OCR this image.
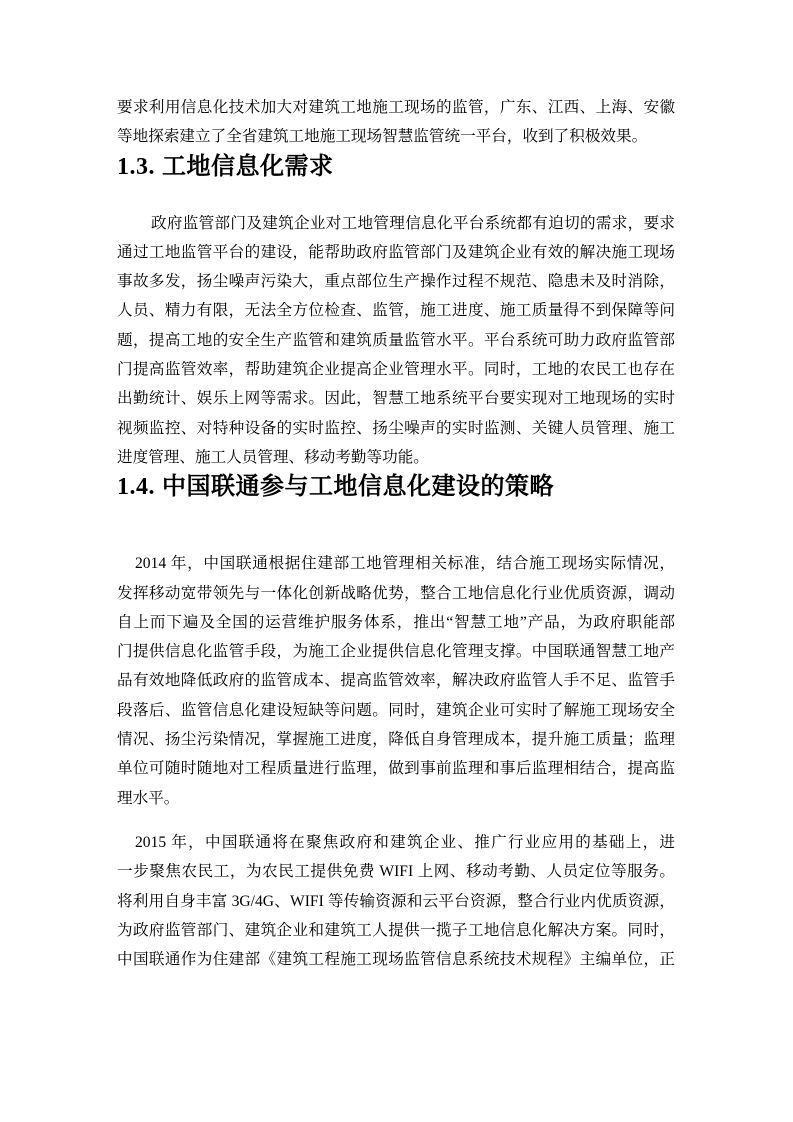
要求利用信息化技术加大对建筑工地施工现场的监管，广东、江西、上海、安徽
等地探索建立了全省建筑工地施工现场智慧监管统一平台，收到了积极效果。
1.3. 工地信息化需求
政府监管部门及建筑企业对工地管理信息化平台系统都有迫切的需求，要求
通过工地监管平台的建设，能帮助政府监管部门及建筑企业有效的解决施工现场
事故多发，扬尘噪声污染大，重点部位生产操作过程不规范、隐患未及时消除，
人员、精力有限，无法全方位检查、监管，施工进度、施工质量得不到保障等问
题，提高工地的安全生产监管和建筑质量监管水平。平台系统可助力政府监管部
门提高监管效率，帮助建筑企业提高企业管理水平。同时，工地的农民工也存在
出勤统计、娱乐上网等需求。因此，智慧工地系统平台要实现对工地现场的实时
视频监控、对特种设备的实时监控、扬尘噪声的实时监测、关键人员管理、施工
进度管理、施工人员管理、移动考勤等功能。
1.4. 中国联通参与工地信息化建设的策略
2014 年，中国联通根据住建部工地管理相关标准，结合施工现场实际情况，
发挥移动宽带领先与一体化创新战略优势，整合工地信息化行业优质资源，调动
自上而下遍及全国的运营维护服务体系，推出“智慧工地”产品，为政府职能部
门提供信息化监管手段，为施工企业提供信息化管理支撑。中国联通智慧工地产
品有效地降低政府的监管成本、提高监管效率，解决政府监管人手不足、监管手
段落后、监管信息化建设短缺等问题。同时，建筑企业可实时了解施工现场安全
情况、扬尘污染情况，掌握施工进度，降低自身管理成本，提升施工质量；监理
单位可随时随地对工程质量进行监理，做到事前监理和事后监理相结合，提高监
理水平。
2015 年，中国联通将在聚焦政府和建筑企业、推广行业应用的基础上，进
一步聚焦农民工，为农民工提供免费 WIFI 上网、移动考勤、人员定位等服务。
将利用自身丰富 3G/4G、WIFI 等传输资源和云平台资源，整合行业内优质资源，
为政府监管部门、建筑企业和建筑工人提供一揽子工地信息化解决方案。同时，
中国联通作为住建部《建筑工程施工现场监管信息系统技术规程》主编单位，正
